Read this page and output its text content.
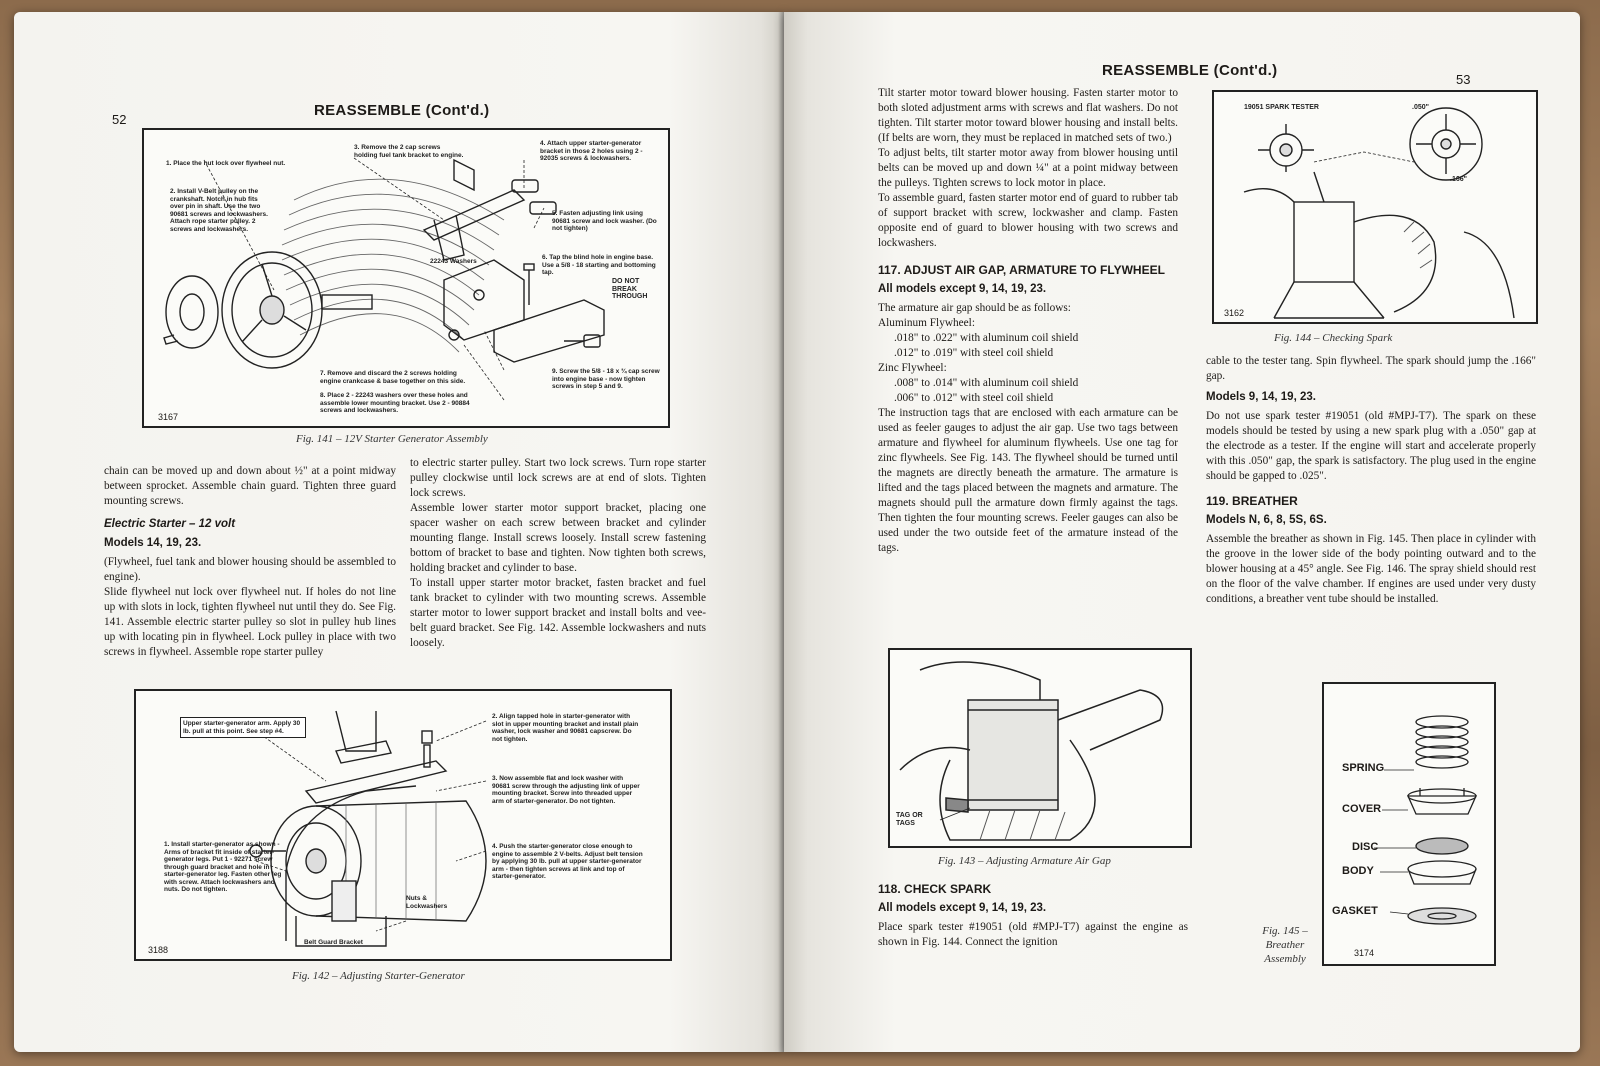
52
REASSEMBLE (Cont'd.)
1. Place the nut lock over flywheel nut.
2. Install V-Belt pulley on the crankshaft. Notch in hub fits over pin in shaft. Use the two 90681 screws and lockwashers. Attach rope starter pulley. 2 screws and lockwashers.
3. Remove the 2 cap screws holding fuel tank bracket to engine.
4. Attach upper starter-generator bracket in those 2 holes using 2 - 92035 screws & lockwashers.
5. Fasten adjusting link using 90681 screw and lock washer. (Do not tighten)
6. Tap the blind hole in engine base. Use a 5/8 - 18 starting and bottoming tap.
DO NOT BREAK THROUGH
22243 Washers
7. Remove and discard the 2 screws holding engine crankcase & base together on this side.
8. Place 2 - 22243 washers over these holes and assemble lower mounting bracket. Use 2 - 90884 screws and lockwashers.
9. Screw the 5/8 - 18 x ¾ cap screw into engine base - now tighten screws in step 5 and 9.
3167
Fig. 141 – 12V Starter Generator Assembly

chain can be moved up and down about ½" at a point midway between sprocket. Assemble chain guard. Tighten three guard mounting screws.

Electric Starter – 12 volt
Models 14, 19, 23.

(Flywheel, fuel tank and blower housing should be assembled to engine).

Slide flywheel nut lock over flywheel nut. If holes do not line up with slots in lock, tighten flywheel nut until they do. See Fig. 141. Assemble electric starter pulley so slot in pulley hub lines up with locating pin in flywheel. Lock pulley in place with two screws in flywheel. Assemble rope starter pulley

to electric starter pulley. Start two lock screws. Turn rope starter pulley clockwise until lock screws are at end of slots. Tighten lock screws.

Assemble lower starter motor support bracket, placing one spacer washer on each screw between bracket and cylinder mounting flange. Install screws loosely. Install screw fastening bottom of bracket to base and tighten. Now tighten both screws, holding bracket and cylinder to base.

To install upper starter motor bracket, fasten bracket and fuel tank bracket to cylinder with two mounting screws. Assemble starter motor to lower support bracket and install bolts and vee-belt guard bracket. See Fig. 142. Assemble lockwashers and nuts loosely.

Upper starter-generator arm. Apply 30 lb. pull at this point. See step #4.
2. Align tapped hole in starter-generator with slot in upper mounting bracket and install plain washer, lock washer and 90681 capscrew. Do not tighten.
3. Now assemble flat and lock washer with 90681 screw through the adjusting link of upper mounting bracket. Screw into threaded upper arm of starter-generator. Do not tighten.
4. Push the starter-generator close enough to engine to assemble 2 V-belts. Adjust belt tension by applying 30 lb. pull at upper starter-generator arm - then tighten screws at link and top of starter-generator.
1. Install starter-generator as shown - Arms of bracket fit inside of starter-generator legs. Put 1 - 92271 screw through guard bracket and hole in starter-generator leg. Fasten other leg with screw. Attach lockwashers and nuts. Do not tighten.
Nuts & Lockwashers
Belt Guard Bracket
3188
Fig. 142 – Adjusting Starter-Generator
REASSEMBLE (Cont'd.)
53

Tilt starter motor toward blower housing. Fasten starter motor to both sloted adjustment arms with screws and flat washers. Do not tighten. Tilt starter motor toward blower housing and install belts. (If belts are worn, they must be replaced in matched sets of two.)

To adjust belts, tilt starter motor away from blower housing until belts can be moved up and down ¼" at a point midway between the pulleys. Tighten screws to lock motor in place.

To assemble guard, fasten starter motor end of guard to rubber tab of support bracket with screw, lockwasher and clamp. Fasten opposite end of guard to blower housing with two screws and lockwashers.

117. ADJUST AIR GAP, ARMATURE TO FLYWHEEL
All models except 9, 14, 19, 23.

The armature air gap should be as follows:

Aluminum Flywheel:

.018" to .022" with aluminum coil shield

.012" to .019" with steel coil shield

Zinc Flywheel:

.008" to .014" with aluminum coil shield

.006" to .012" with steel coil shield

The instruction tags that are enclosed with each armature can be used as feeler gauges to adjust the air gap. Use two tags between armature and flywheel for aluminum flywheels. Use one tag for zinc flywheels. See Fig. 143. The flywheel should be turned until the magnets are directly beneath the armature. The armature is lifted and the tags placed between the magnets and armature. The magnets should pull the armature down firmly against the tags. Then tighten the four mounting screws. Feeler gauges can also be used under the two outside feet of the armature instead of the tags.

TAG OR TAGS
Fig. 143 – Adjusting Armature Air Gap
118. CHECK SPARK
All models except 9, 14, 19, 23.

Place spark tester #19051 (old #MPJ-T7) against the engine as shown in Fig. 144. Connect the ignition

19051 SPARK TESTER	.050"
.166"
3162
Fig. 144 – Checking Spark

cable to the tester tang. Spin flywheel. The spark should jump the .166" gap.

Models 9, 14, 19, 23.

Do not use spark tester #19051 (old #MPJ-T7). The spark on these models should be tested by using a new spark plug with a .050" gap at the electrode as a tester. If the engine will start and accelerate properly with this .050" gap, the spark is satisfactory. The plug used in the engine should be gapped to .025".

119. BREATHER
Models N, 6, 8, 5S, 6S.

Assemble the breather as shown in Fig. 145. Then place in cylinder with the groove in the lower side of the body pointing outward and to the blower housing at a 45° angle. See Fig. 146. The spray shield should rest on the floor of the valve chamber. If engines are used under very dusty conditions, a breather vent tube should be installed.

SPRING
COVER
DISC
BODY
GASKET
3174
Fig. 145 –
Breather
Assembly
